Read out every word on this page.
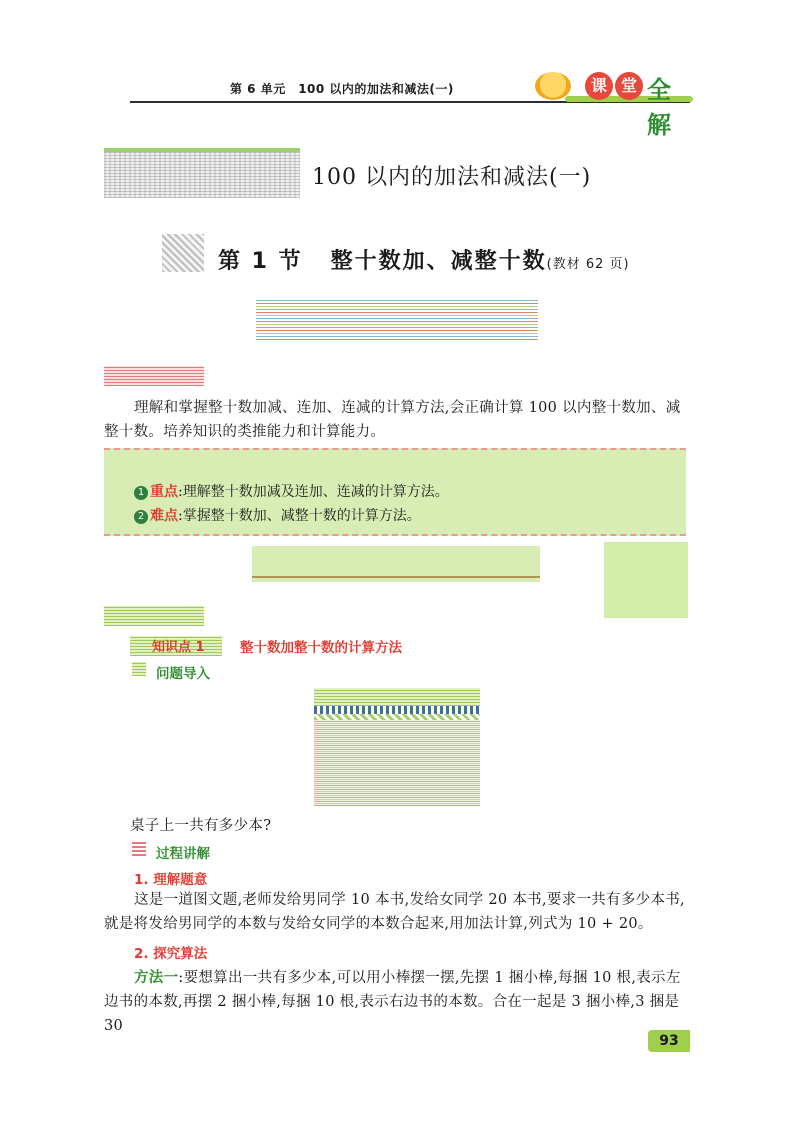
第 6 单元　100 以内的加法和减法(一)	课 堂 全解
100 以内的加法和减法(一)
第 1 节 整十数加、减整十数(教材 62 页)
理解和掌握整十数加减、连加、连减的计算方法,会正确计算 100 以内整十数加、减整十数。培养知识的类推能力和计算能力。
1 重点:理解整十数加减及连加、连减的计算方法。
2 难点:掌握整十数加、减整十数的计算方法。
知识点 1	整十数加整十数的计算方法
问题导入
桌子上一共有多少本?
过程讲解
1. 理解题意
这是一道图文题,老师发给男同学 10 本书,发给女同学 20 本书,要求一共有多少本书,就是将发给男同学的本数与发给女同学的本数合起来,用加法计算,列式为 10 + 20。
2. 探究算法
方法一:要想算出一共有多少本,可以用小棒摆一摆,先摆 1 捆小棒,每捆 10 根,表示左边书的本数,再摆 2 捆小棒,每捆 10 根,表示右边书的本数。合在一起是 3 捆小棒,3 捆是 30
93
